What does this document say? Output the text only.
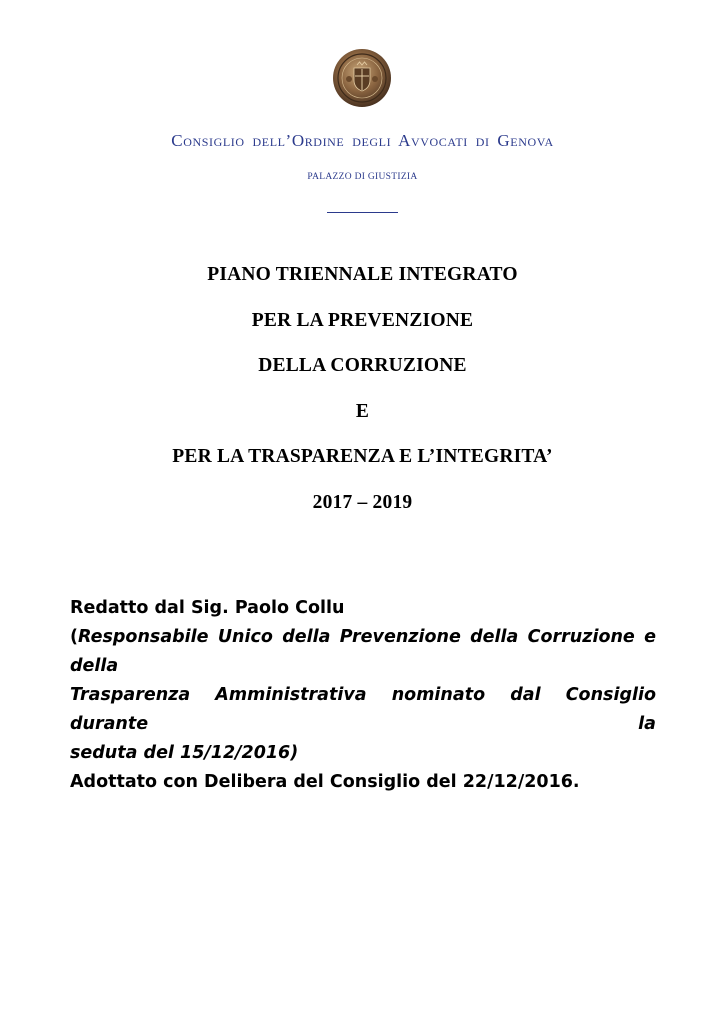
Consiglio dell’Ordine degli Avvocati di Genova
PALAZZO DI GIUSTIZIA
PIANO TRIENNALE INTEGRATO
PER LA PREVENZIONE
DELLA CORRUZIONE
E
PER LA TRASPARENZA E L’INTEGRITA’
2017 – 2019
Redatto dal Sig. Paolo Collu
(Responsabile Unico della Prevenzione della Corruzione e della
Trasparenza Amministrativa nominato dal Consiglio durante la
seduta del 15/12/2016)
Adottato con Delibera del Consiglio del 22/12/2016.
